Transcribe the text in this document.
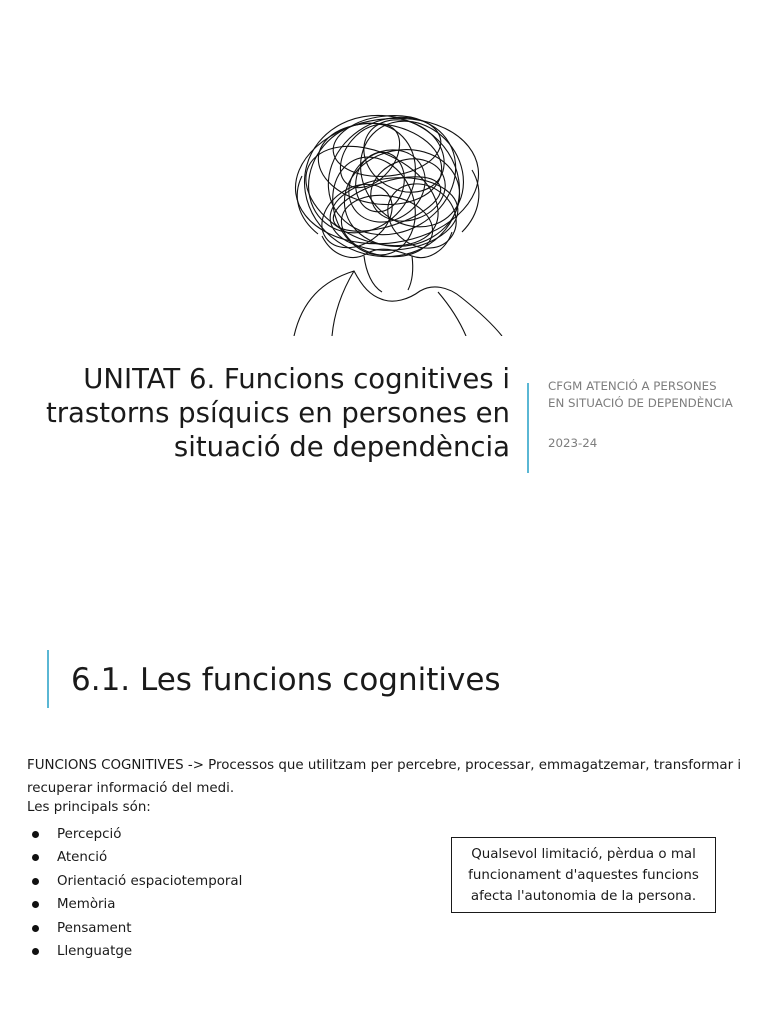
UNITAT 6. Funcions cognitives i
trastorns psíquics en persones en
situació de dependència
CFGM ATENCIÓ A PERSONES
EN SITUACIÓ DE DEPENDÈNCIA
2023-24
6.1. Les funcions cognitives

FUNCIONS COGNITIVES -> Processos que utilitzam per percebre, processar, emmagatzemar, transformar i recuperar informació del medi.

Les principals són:
Percepció
Atenció
Orientació espaciotemporal
Memòria
Pensament
Llenguatge
Qualsevol limitació, pèrdua o mal funcionament d'aquestes funcions afecta l'autonomia de la persona.
